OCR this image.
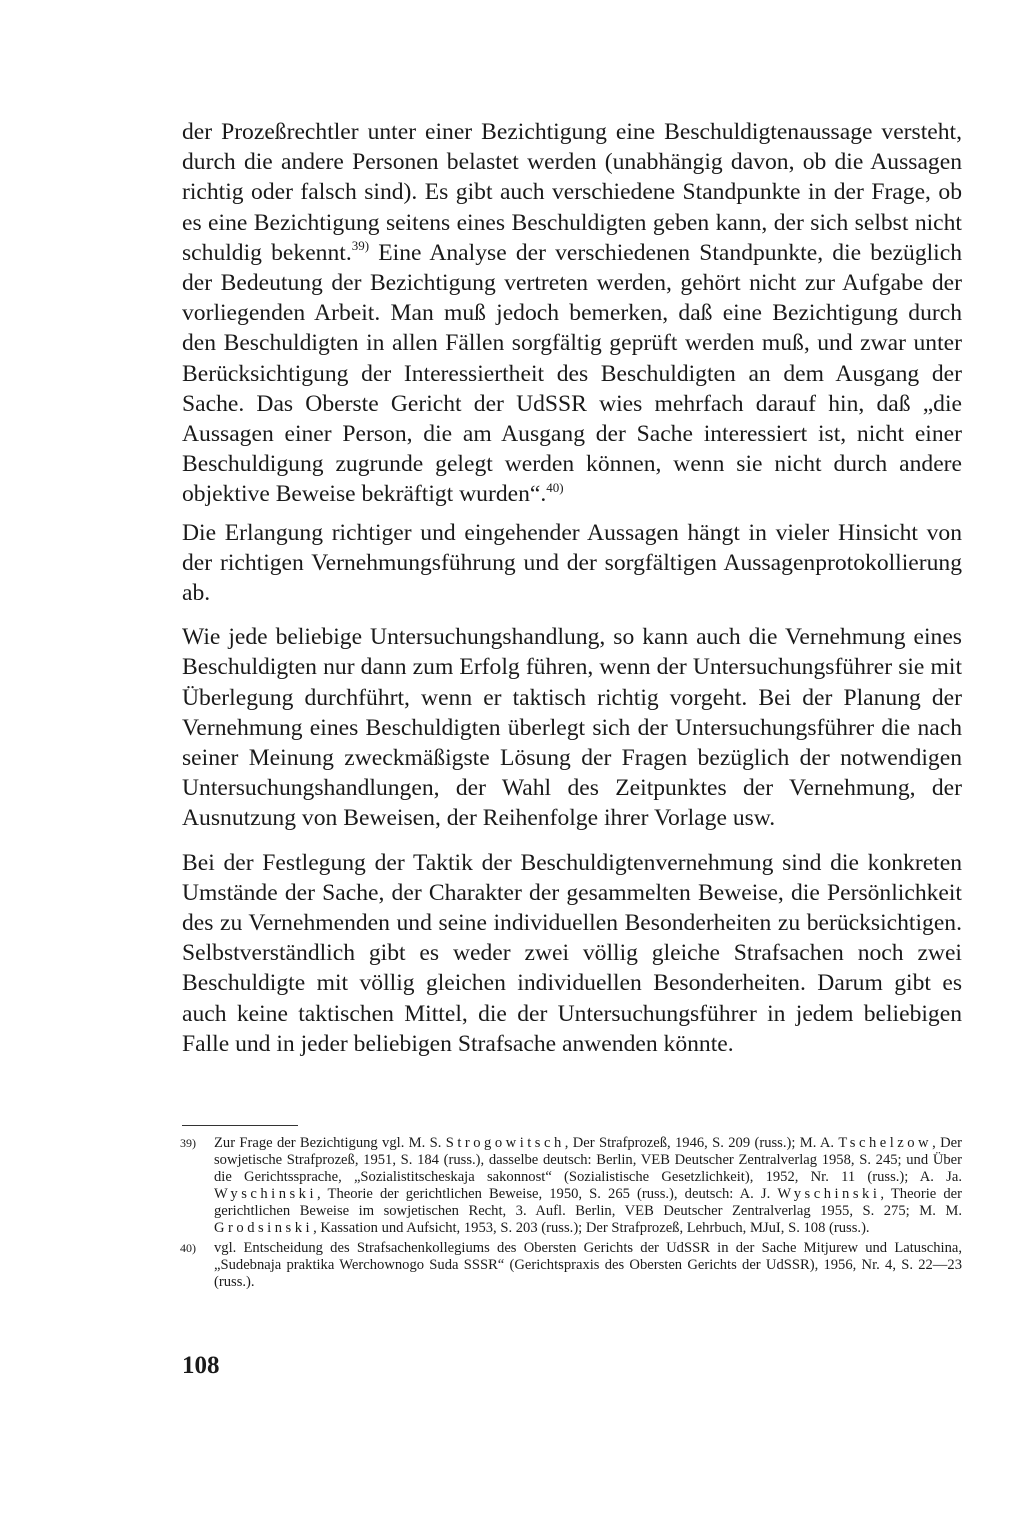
der Prozeßrechtler unter einer Bezichtigung eine Beschuldigtenaussage versteht, durch die andere Personen belastet werden (unabhängig davon, ob die Aussagen richtig oder falsch sind). Es gibt auch verschiedene Standpunkte in der Frage, ob es eine Bezichtigung seitens eines Beschuldigten geben kann, der sich selbst nicht schuldig bekennt.$^{39)}$ Eine Analyse der verschiedenen Standpunkte, die bezüglich der Bedeutung der Bezichtigung vertreten werden, gehört nicht zur Aufgabe der vorliegenden Arbeit. Man muß jedoch bemerken, daß eine Bezichtigung durch den Beschuldigten in allen Fällen sorgfältig geprüft werden muß, und zwar unter Berücksichtigung der Interessiertheit des Beschuldigten an dem Ausgang der Sache. Das Oberste Gericht der UdSSR wies mehrfach darauf hin, daß „die Aussagen einer Person, die am Ausgang der Sache interessiert ist, nicht einer Beschuldigung zugrunde gelegt werden können, wenn sie nicht durch andere objektive Beweise bekräftigt wurden“.$^{40)}$

Die Erlangung richtiger und eingehender Aussagen hängt in vieler Hinsicht von der richtigen Vernehmungsführung und der sorgfältigen Aussagenprotokollierung ab.

Wie jede beliebige Untersuchungshandlung, so kann auch die Vernehmung eines Beschuldigten nur dann zum Erfolg führen, wenn der Untersuchungsführer sie mit Überlegung durchführt, wenn er taktisch richtig vorgeht. Bei der Planung der Vernehmung eines Beschuldigten überlegt sich der Untersuchungsführer die nach seiner Meinung zweckmäßigste Lösung der Fragen bezüglich der notwendigen Untersuchungshandlungen, der Wahl des Zeitpunktes der Vernehmung, der Ausnutzung von Beweisen, der Reihenfolge ihrer Vorlage usw.

Bei der Festlegung der Taktik der Beschuldigtenvernehmung sind die konkreten Umstände der Sache, der Charakter der gesammelten Beweise, die Persönlichkeit des zu Vernehmenden und seine individuellen Besonderheiten zu berücksichtigen. Selbstverständlich gibt es weder zwei völlig gleiche Strafsachen noch zwei Beschuldigte mit völlig gleichen individuellen Besonderheiten. Darum gibt es auch keine taktischen Mittel, die der Untersuchungsführer in jedem beliebigen Falle und in jeder beliebigen Strafsache anwenden könnte.

39) Zur Frage der Bezichtigung vgl. M. S. Strogowitsch, Der Strafprozeß, 1946, S. 209 (russ.); M. A. Tschelzow, Der sowjetische Strafprozeß, 1951, S. 184 (russ.), dasselbe deutsch: Berlin, VEB Deutscher Zentralverlag 1958, S. 245; und Über die Gerichtssprache, „Sozialistitscheskaja sakonnost“ (Sozialistische Gesetzlichkeit), 1952, Nr. 11 (russ.); A. Ja. Wyschinski, Theorie der gerichtlichen Beweise, 1950, S. 265 (russ.), deutsch: A. J. Wyschinski, Theorie der gerichtlichen Beweise im sowjetischen Recht, 3. Aufl. Berlin, VEB Deutscher Zentralverlag 1955, S. 275; M. M. Grodsinski, Kassation und Aufsicht, 1953, S. 203 (russ.); Der Strafprozeß, Lehrbuch, MJuI, S. 108 (russ.).

40) vgl. Entscheidung des Strafsachenkollegiums des Obersten Gerichts der UdSSR in der Sache Mitjurew und Latuschina, „Sudebnaja praktika Werchownogo Suda SSSR“ (Gerichtspraxis des Obersten Gerichts der UdSSR), 1956, Nr. 4, S. 22—23 (russ.).

108
